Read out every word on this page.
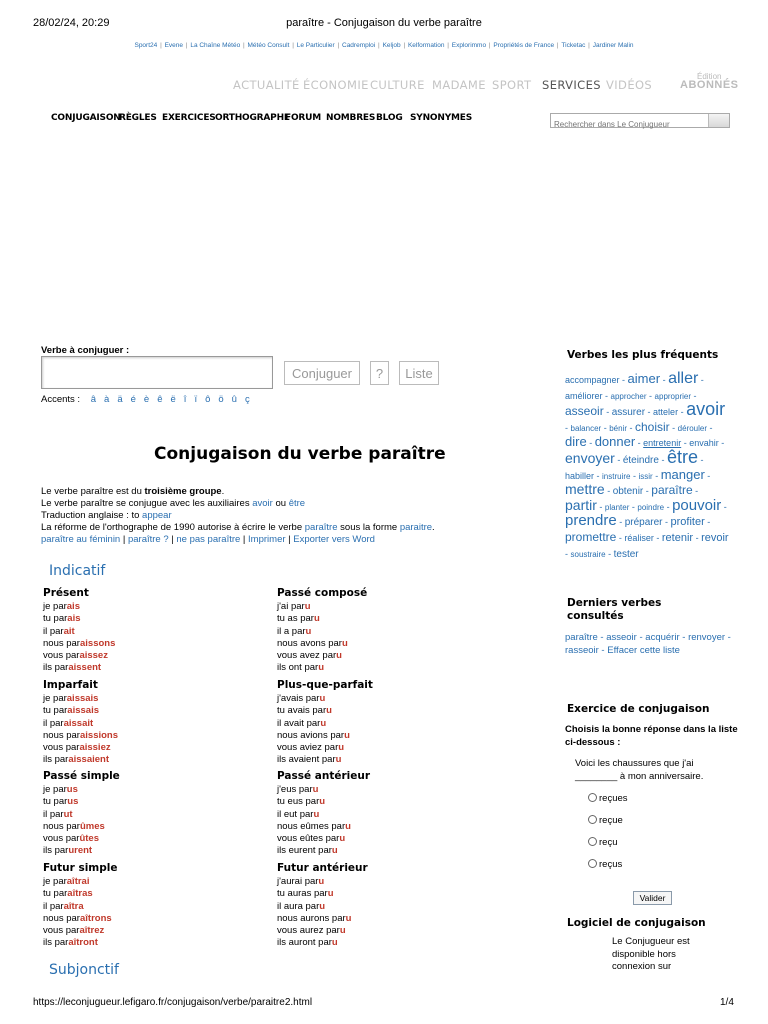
28/02/24, 20:29	paraître - Conjugaison du verbe paraître
Sport24 | Evene | La Chaîne Météo | Météo Consult | Le Particulier | Cadremploi | Keljob | Kelformation | Explorimmo | Propriétés de France | Ticketac | Jardiner Malin
ACTUALITÉ ÉCONOMIE CULTURE MADAME SPORT SERVICES VIDÉOS
Édition
ABONNÉS
CONJUGAISON
RÈGLES EXERCICES ORTHOGRAPHE
FORUM NOMBRES BLOG SYNONYMES
Rechercher dans Le Conjugueur
Verbe à conjuguer :
Conjuguer	?	Liste
Accents : â à ä é è ê ë î ï ô ö û ç
Conjugaison du verbe paraître
Le verbe paraître est du troisième groupe.
Le verbe paraître se conjugue avec les auxiliaires avoir ou être
Traduction anglaise : to appear
La réforme de l'orthographe de 1990 autorise à écrire le verbe paraître sous la forme paraitre.
paraître au féminin | paraître ? | ne pas paraître | Imprimer | Exporter vers Word
Indicatif
Subjonctif
Présent
je parais
tu parais
il parait
nous paraissons
vous paraissez
ils paraissent
Passé composé
j'ai paru
tu as paru
il a paru
nous avons paru
vous avez paru
ils ont paru
Imparfait
je paraissais
tu paraissais
il paraissait
nous paraissions
vous paraissiez
ils paraissaient
Plus-que-parfait
j'avais paru
tu avais paru
il avait paru
nous avions paru
vous aviez paru
ils avaient paru
Passé simple
je parus
tu parus
il parut
nous parûmes
vous parûtes
ils parurent
Passé antérieur
j'eus paru
tu eus paru
il eut paru
nous eûmes paru
vous eûtes paru
ils eurent paru
Futur simple
je paraîtrai
tu paraîtras
il paraîtra
nous paraîtrons
vous paraîtrez
ils paraîtront
Futur antérieur
j'aurai paru
tu auras paru
il aura paru
nous aurons paru
vous aurez paru
ils auront paru
Verbes les plus fréquents
accompagner - aimer - aller - améliorer - approcher - approprier - asseoir - assurer - atteler - avoir - balancer - bénir - choisir - dérouler - dire - donner - entretenir - envahir - envoyer - éteindre - être - habiller - instruire - issir - manger - mettre - obtenir - paraître - partir - planter - poindre - pouvoir - prendre - préparer - profiter - promettre - réaliser - retenir - revoir - soustraire - tester
Derniers verbes consultés
paraître - asseoir - acquérir - renvoyer - rasseoir - Effacer cette liste
Exercice de conjugaison
Choisis la bonne réponse dans la liste ci-dessous :
Voici les chaussures que j'ai
________ à mon anniversaire.
reçues
reçue
reçu
reçus
Valider
Logiciel de conjugaison
Le Conjugueur est disponible hors connexion sur
https://leconjugueur.lefigaro.fr/conjugaison/verbe/paraitre2.html	1/4
